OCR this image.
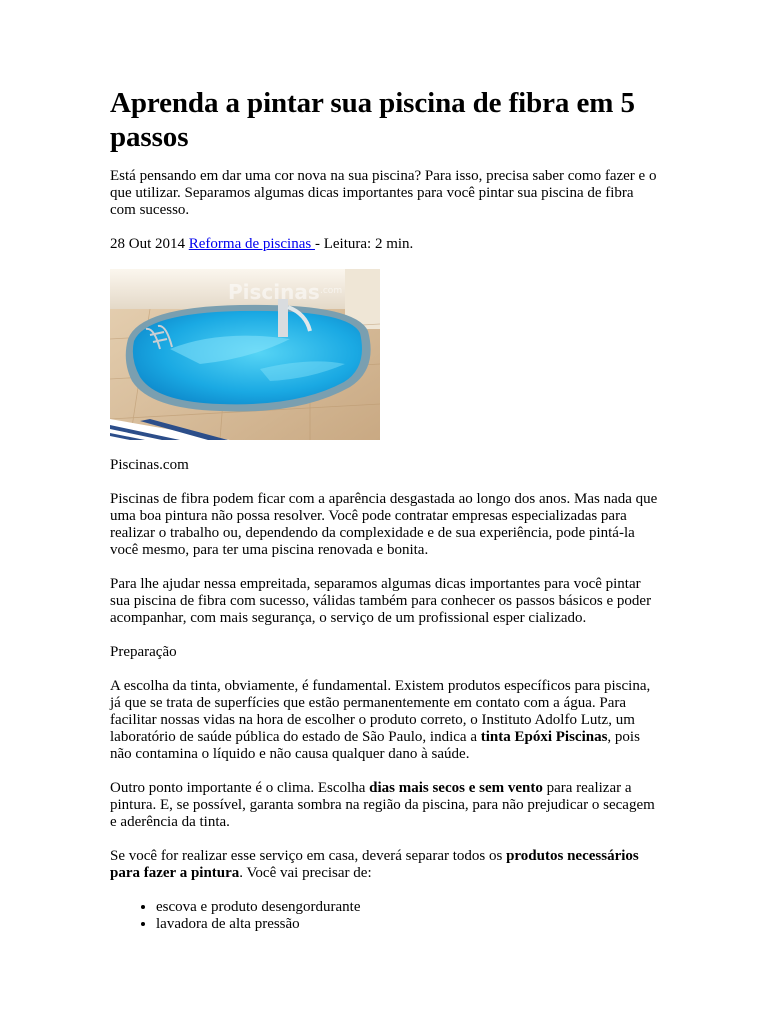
Aprenda a pintar sua piscina de fibra em 5 passos

Está pensando em dar uma cor nova na sua piscina? Para isso, precisa saber como fazer e o que utilizar. Separamos algumas dicas importantes para você pintar sua piscina de fibra com sucesso.

28 Out 2014 Reforma de piscinas - Leitura: 2 min.

Piscinas .com

Piscinas.com

Piscinas de fibra podem ficar com a aparência desgastada ao longo dos anos. Mas nada que uma boa pintura não possa resolver. Você pode contratar empresas especializadas para realizar o trabalho ou, dependendo da complexidade e de sua experiência, pode pintá-la você mesmo, para ter uma piscina renovada e bonita.

Para lhe ajudar nessa empreitada, separamos algumas dicas importantes para você pintar sua piscina de fibra com sucesso, válidas também para conhecer os passos básicos e poder acompanhar, com mais segurança, o serviço de um profissional esper cializado.

Preparação

A escolha da tinta, obviamente, é fundamental. Existem produtos específicos para piscina, já que se trata de superfícies que estão permanentemente em contato com a água. Para facilitar nossas vidas na hora de escolher o produto correto, o Instituto Adolfo Lutz, um laboratório de saúde pública do estado de São Paulo, indica a tinta Epóxi Piscinas, pois não contamina o líquido e não causa qualquer dano à saúde.

Outro ponto importante é o clima. Escolha dias mais secos e sem vento para realizar a pintura. E, se possível, garanta sombra na região da piscina, para não prejudicar o secagem e aderência da tinta.

Se você for realizar esse serviço em casa, deverá separar todos os produtos necessários para fazer a pintura. Você vai precisar de:

• escova e produto desengordurante
• lavadora de alta pressão
